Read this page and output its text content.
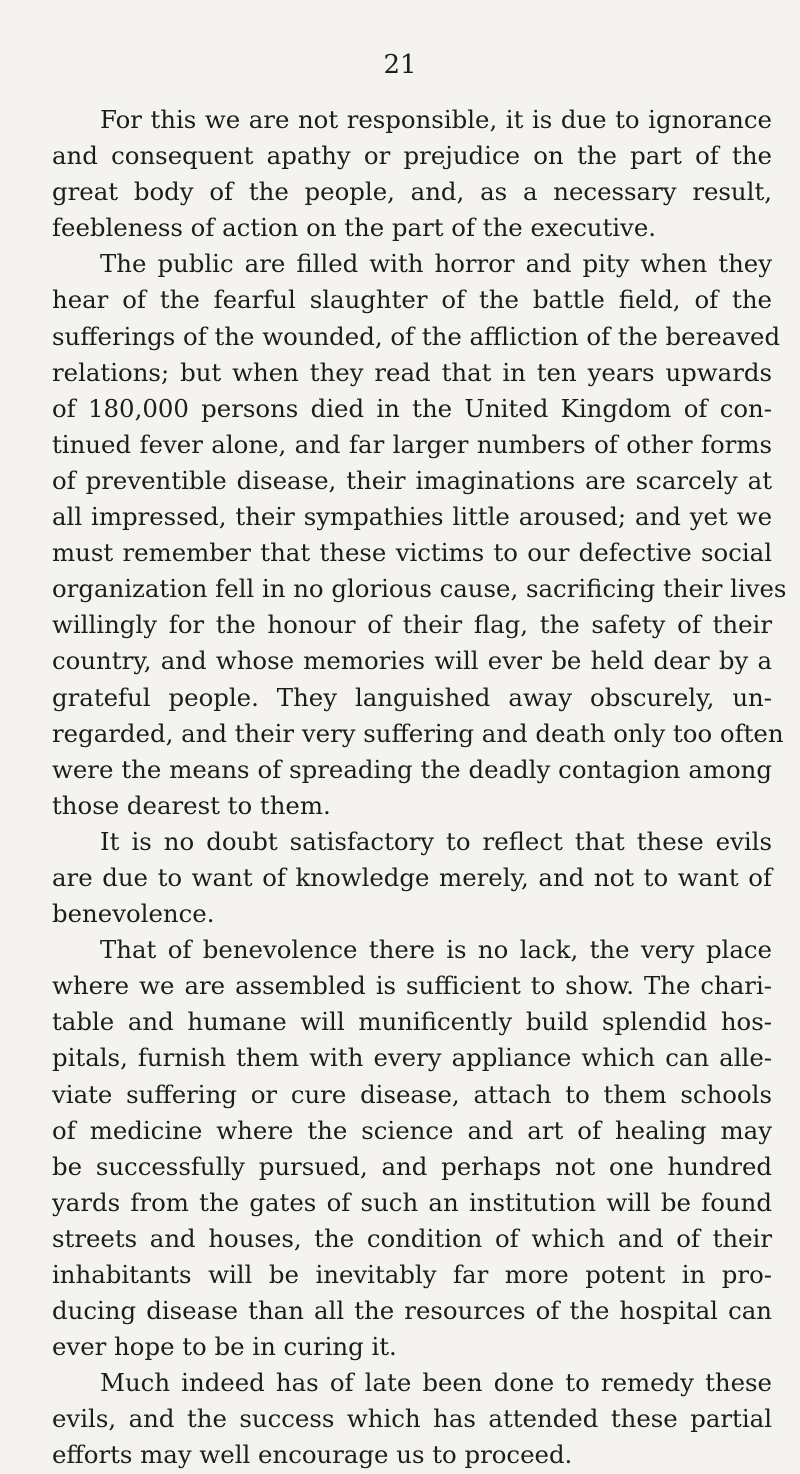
21
For this we are not responsible, it is due to ignorance
and consequent apathy or prejudice on the part of the
great body of the people, and, as a necessary result,
feebleness of action on the part of the executive.
The public are filled with horror and pity when they
hear of the fearful slaughter of the battle field, of the
sufferings of the wounded, of the affliction of the bereaved
relations; but when they read that in ten years upwards
of 180,000 persons died in the United Kingdom of con-
tinued fever alone, and far larger numbers of other forms
of preventible disease, their imaginations are scarcely at
all impressed, their sympathies little aroused; and yet we
must remember that these victims to our defective social
organization fell in no glorious cause, sacrificing their lives
willingly for the honour of their flag, the safety of their
country, and whose memories will ever be held dear by a
grateful people. They languished away obscurely, un-
regarded, and their very suffering and death only too often
were the means of spreading the deadly contagion among
those dearest to them.
It is no doubt satisfactory to reflect that these evils
are due to want of knowledge merely, and not to want of
benevolence.
That of benevolence there is no lack, the very place
where we are assembled is sufficient to show. The chari-
table and humane will munificently build splendid hos-
pitals, furnish them with every appliance which can alle-
viate suffering or cure disease, attach to them schools
of medicine where the science and art of healing may
be successfully pursued, and perhaps not one hundred
yards from the gates of such an institution will be found
streets and houses, the condition of which and of their
inhabitants will be inevitably far more potent in pro-
ducing disease than all the resources of the hospital can
ever hope to be in curing it.
Much indeed has of late been done to remedy these
evils, and the success which has attended these partial
efforts may well encourage us to proceed.
